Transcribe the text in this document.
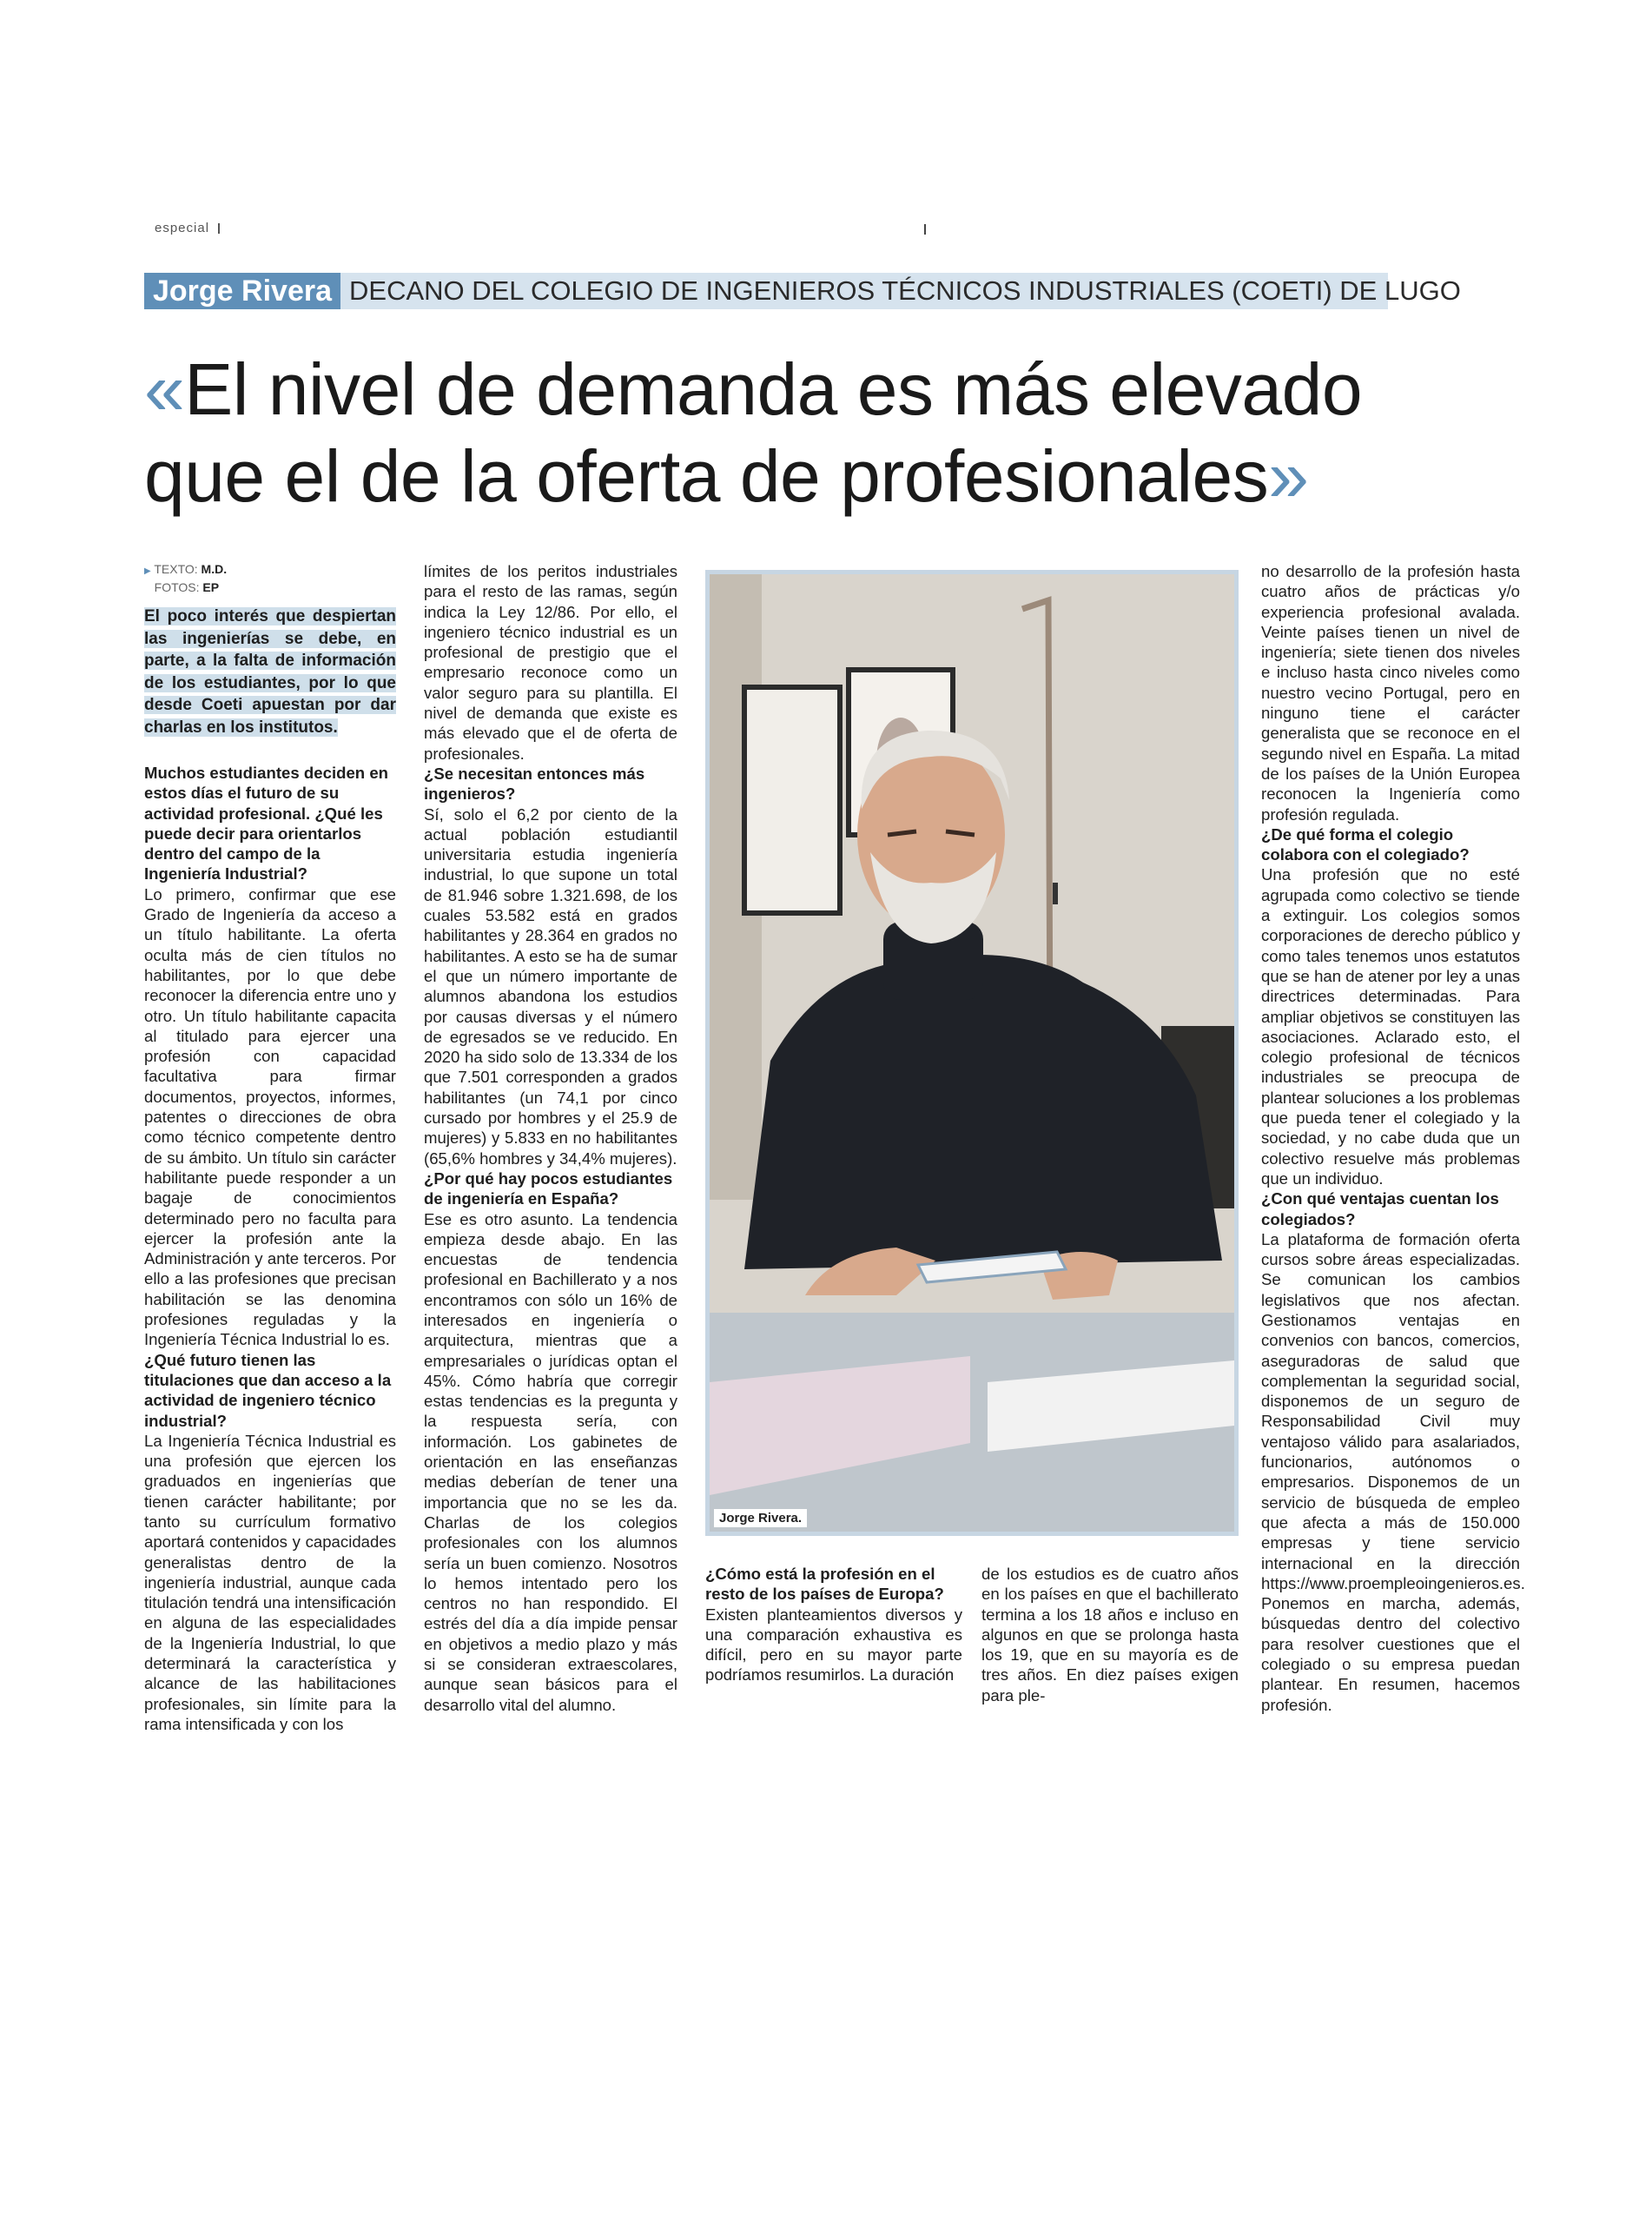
especial
Jorge Rivera DECANO DEL COLEGIO DE INGENIEROS TÉCNICOS INDUSTRIALES (COETI) DE LUGO
«El nivel de demanda es más elevado
que el de la oferta de profesionales»

▶ TEXTO: M.D.
FOTOS: EP

El poco interés que despiertan las ingenierías se debe, en parte, a la falta de información de los estudiantes, por lo que desde Coeti apuestan por dar charlas en los institutos.

Muchos estudiantes deciden en estos días el futuro de su actividad profesional. ¿Qué les puede decir para orientarlos dentro del campo de la Ingeniería Industrial?

Lo primero, confirmar que ese Grado de Ingeniería da acceso a un título habilitante. La oferta oculta más de cien títulos no habilitantes, por lo que debe reconocer la diferencia entre uno y otro. Un título habilitante capacita al titulado para ejercer una profesión con capacidad facultativa para firmar documentos, proyectos, informes, patentes o direcciones de obra como técnico competente dentro de su ámbito. Un título sin carácter habilitante puede responder a un bagaje de conocimientos determinado pero no faculta para ejercer la profesión ante la Administración y ante terceros. Por ello a las profesiones que precisan habilitación se las denomina profesiones reguladas y la Ingeniería Técnica Industrial lo es.

¿Qué futuro tienen las titulaciones que dan acceso a la actividad de ingeniero técnico industrial?

La Ingeniería Técnica Industrial es una profesión que ejercen los graduados en ingenierías que tienen carácter habilitante; por tanto su currículum formativo aportará contenidos y capacidades generalistas dentro de la ingeniería industrial, aunque cada titulación tendrá una intensificación en alguna de las especialidades de la Ingeniería Industrial, lo que determinará la característica y alcance de las habilitaciones profesionales, sin límite para la rama intensificada y con los

límites de los peritos industriales para el resto de las ramas, según indica la Ley 12/86. Por ello, el ingeniero técnico industrial es un profesional de prestigio que el empresario reconoce como un valor seguro para su plantilla. El nivel de demanda que existe es más elevado que el de oferta de profesionales.

¿Se necesitan entonces más ingenieros?

Sí, solo el 6,2 por ciento de la actual población estudiantil universitaria estudia ingeniería industrial, lo que supone un total de 81.946 sobre 1.321.698, de los cuales 53.582 está en grados habilitantes y 28.364 en grados no habilitantes. A esto se ha de sumar el que un número importante de alumnos abandona los estudios por causas diversas y el número de egresados se ve reducido. En 2020 ha sido solo de 13.334 de los que 7.501 corresponden a grados habilitantes (un 74,1 por cinco cursado por hombres y el 25.9 de mujeres) y 5.833 en no habilitantes (65,6% hombres y 34,4% mujeres).

¿Por qué hay pocos estudiantes de ingeniería en España?

Ese es otro asunto. La tendencia empieza desde abajo. En las encuestas de tendencia profesional en Bachillerato y a nos encontramos con sólo un 16% de interesados en ingeniería o arquitectura, mientras que a empresariales o jurídicas optan el 45%. Cómo habría que corregir estas tendencias es la pregunta y la respuesta sería, con información. Los gabinetes de orientación en las enseñanzas medias deberían de tener una importancia que no se les da. Charlas de los colegios profesionales con los alumnos sería un buen comienzo. Nosotros lo hemos intentado pero los centros no han respondido. El estrés del día a día impide pensar en objetivos a medio plazo y más si se consideran extraescolares, aunque sean básicos para el desarrollo vital del alumno.

Jorge Rivera.

¿Cómo está la profesión en el resto de los países de Europa?

Existen planteamientos diversos y una comparación exhaustiva es difícil, pero en su mayor parte podríamos resumirlos. La duración

de los estudios es de cuatro años en los países en que el bachillerato termina a los 18 años e incluso en algunos en que se prolonga hasta los 19, que en su mayoría es de tres años. En diez países exigen para ple-

no desarrollo de la profesión hasta cuatro años de prácticas y/o experiencia profesional avalada. Veinte países tienen un nivel de ingeniería; siete tienen dos niveles e incluso hasta cinco niveles como nuestro vecino Portugal, pero en ninguno tiene el carácter generalista que se reconoce en el segundo nivel en España. La mitad de los países de la Unión Europea reconocen la Ingeniería como profesión regulada.

¿De qué forma el colegio colabora con el colegiado?

Una profesión que no esté agrupada como colectivo se tiende a extinguir. Los colegios somos corporaciones de derecho público y como tales tenemos unos estatutos que se han de atener por ley a unas directrices determinadas. Para ampliar objetivos se constituyen las asociaciones. Aclarado esto, el colegio profesional de técnicos industriales se preocupa de plantear soluciones a los problemas que pueda tener el colegiado y la sociedad, y no cabe duda que un colectivo resuelve más problemas que un individuo.

¿Con qué ventajas cuentan los colegiados?

La plataforma de formación oferta cursos sobre áreas especializadas. Se comunican los cambios legislativos que nos afectan. Gestionamos ventajas en convenios con bancos, comercios, aseguradoras de salud que complementan la seguridad social, disponemos de un seguro de Responsabilidad Civil muy ventajoso válido para asalariados, funcionarios, autónomos o empresarios. Disponemos de un servicio de búsqueda de empleo que afecta a más de 150.000 empresas y tiene servicio internacional en la dirección https://www.proempleoingenieros.es. Ponemos en marcha, además, búsquedas dentro del colectivo para resolver cuestiones que el colegiado o su empresa puedan plantear. En resumen, hacemos profesión.
